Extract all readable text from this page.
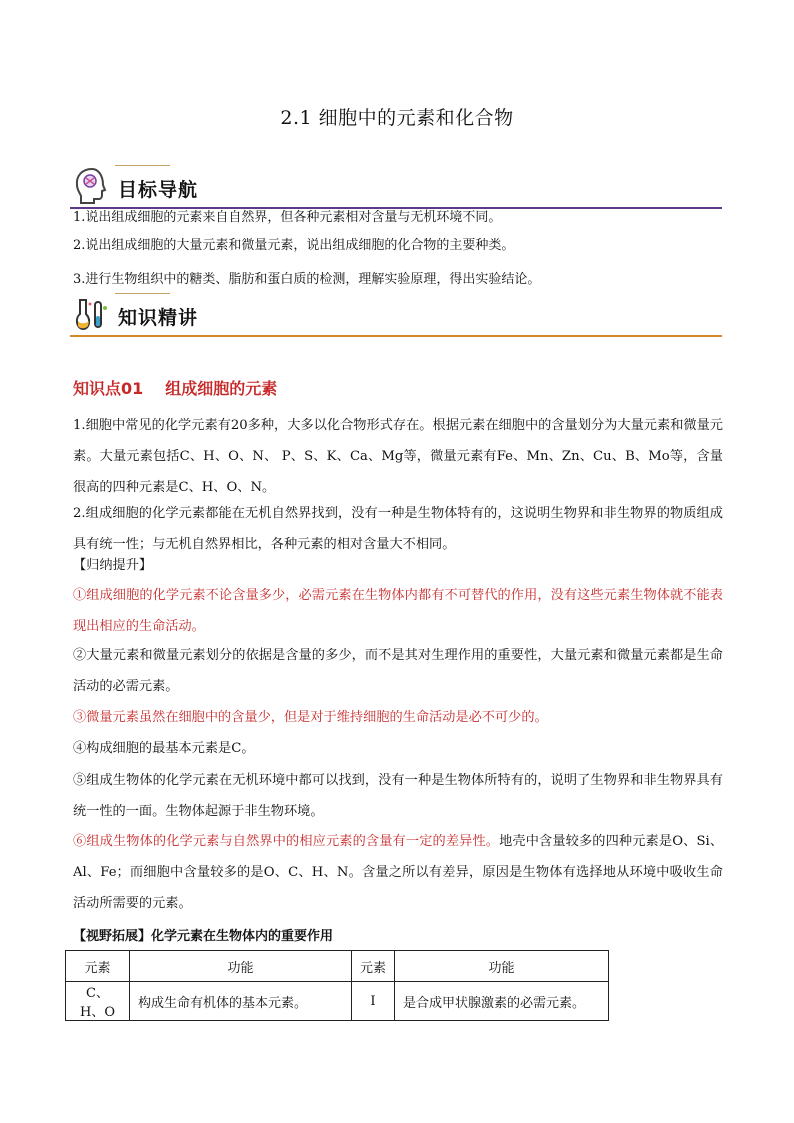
2.1 细胞中的元素和化合物
目标导航
1.说出组成细胞的元素来自自然界，但各种元素相对含量与无机环境不同。
2.说出组成细胞的大量元素和微量元素，说出组成细胞的化合物的主要种类。
3.进行生物组织中的糖类、脂肪和蛋白质的检测，理解实验原理，得出实验结论。
知识精讲
知识点01 组成细胞的元素
1.细胞中常见的化学元素有20多种，大多以化合物形式存在。根据元素在细胞中的含量划分为大量元素和微量元素。大量元素包括C、H、O、N、 P、S、K、Ca、Mg等，微量元素有Fe、Mn、Zn、Cu、B、Mo等，含量很高的四种元素是C、H、O、N。
2.组成细胞的化学元素都能在无机自然界找到，没有一种是生物体特有的，这说明生物界和非生物界的物质组成具有统一性；与无机自然界相比，各种元素的相对含量大不相同。
【归纳提升】
①组成细胞的化学元素不论含量多少，必需元素在生物体内都有不可替代的作用，没有这些元素生物体就不能表现出相应的生命活动。
②大量元素和微量元素划分的依据是含量的多少，而不是其对生理作用的重要性，大量元素和微量元素都是生命活动的必需元素。
③微量元素虽然在细胞中的含量少，但是对于维持细胞的生命活动是必不可少的。
④构成细胞的最基本元素是C。
⑤组成生物体的化学元素在无机环境中都可以找到，没有一种是生物体所特有的，说明了生物界和非生物界具有统一性的一面。生物体起源于非生物环境。
⑥组成生物体的化学元素与自然界中的相应元素的含量有一定的差异性。地壳中含量较多的四种元素是O、Si、Al、Fe；而细胞中含量较多的是O、C、H、N。含量之所以有差异，原因是生物体有选择地从环境中吸收生命活动所需要的元素。
【视野拓展】化学元素在生物体内的重要作用
元素	功能	元素	功能
C、H、O	构成生命有机体的基本元素。	I	是合成甲状腺激素的必需元素。
